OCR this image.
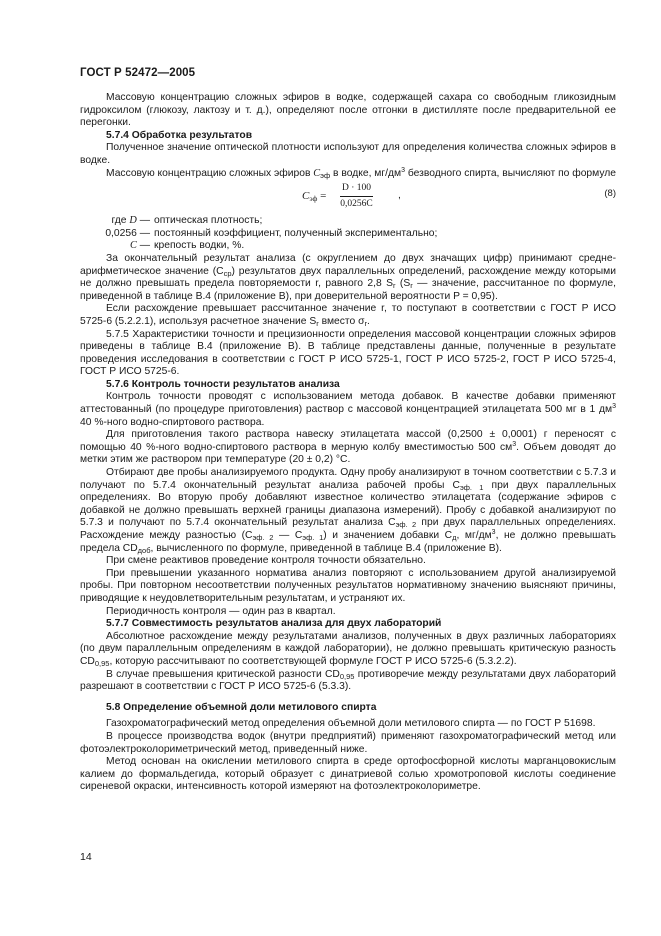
ГОСТ Р 52472—2005

Массовую концентрацию сложных эфиров в водке, содержащей сахара со свободным гликозидным гидроксилом (глюкозу, лактозу и т. д.), определяют после отгонки в дистилляте после предварительной ее перегонки.

5.7.4 Обработка результатов

Полученное значение оптической плотности используют для определения количества сложных эфиров в водке.

Массовую концентрацию сложных эфиров $C_{эф}$ в водке, $мг/дм^3$ безводного спирта, вычисляют по формуле

$C_{эф} = \frac{D \cdot 100}{0,0256C}$ ,	(8)
где D — оптическая плотность;
0,0256 — постоянный коэффициент, полученный экспериментально;
C — крепость водки, %.

За окончательный результат анализа (с округлением до двух значащих цифр) принимают среднеарифметическое значение $(C_{ср})$ результатов двух параллельных определений, расхождение между которыми не должно превышать предела повторяемости r, равного 2,8 $S_r$ ($S_r$ — значение, рассчитанное по формуле, приведенной в таблице В.4 (приложение В), при доверительной вероятности P = 0,95).

Если расхождение превышает рассчитанное значение r, то поступают в соответствии с ГОСТ Р ИСО 5725-6 (5.2.2.1), используя расчетное значение $S_r$ вместо $\sigma_r$.

5.7.5 Характеристики точности и прецизионности определения массовой концентрации сложных эфиров приведены в таблице В.4 (приложение В). В таблице представлены данные, полученные в результате проведения исследования в соответствии с ГОСТ Р ИСО 5725-1, ГОСТ Р ИСО 5725-2, ГОСТ Р ИСО 5725-4, ГОСТ Р ИСО 5725-6.

5.7.6 Контроль точности результатов анализа

Контроль точности проводят с использованием метода добавок. В качестве добавки применяют аттестованный (по процедуре приготовления) раствор с массовой концентрацией этилацетата 500 мг в 1 $дм^3$ 40 %-ного водно-спиртового раствора.

Для приготовления такого раствора навеску этилацетата массой (0,2500 ± 0,0001) г переносят с помощью 40 %-ного водно-спиртового раствора в мерную колбу вместимостью 500 $см^3$. Объем доводят до метки этим же раствором при температуре (20 ± 0,2) °С.

Отбирают две пробы анализируемого продукта. Одну пробу анализируют в точном соответствии с 5.7.3 и получают по 5.7.4 окончательный результат анализа рабочей пробы $C_{эф. 1}$ при двух параллельных определениях. Во вторую пробу добавляют известное количество этилацетата (содержание эфиров с добавкой не должно превышать верхней границы диапазона измерений). Пробу с добавкой анализируют по 5.7.3 и получают по 5.7.4 окончательный результат анализа $C_{эф. 2}$ при двух параллельных определениях. Расхождение между разностью ($C_{эф. 2}$ — $C_{эф. 1}$) и значением добавки $C_д$, $мг/дм^3$, не должно превышать предела $CD_{доб}$, вычисленного по формуле, приведенной в таблице В.4 (приложение В).

При смене реактивов проведение контроля точности обязательно.

При превышении указанного норматива анализ повторяют с использованием другой анализируемой пробы. При повторном несоответствии полученных результатов нормативному значению выясняют причины, приводящие к неудовлетворительным результатам, и устраняют их.

Периодичность контроля — один раз в квартал.

5.7.7 Совместимость результатов анализа для двух лабораторий

Абсолютное расхождение между результатами анализов, полученных в двух различных лабораториях (по двум параллельным определениям в каждой лаборатории), не должно превышать критическую разность $CD_{0,95}$, которую рассчитывают по соответствующей формуле ГОСТ Р ИСО 5725-6 (5.3.2.2).

В случае превышения критической разности $CD_{0,95}$ противоречие между результатами двух лабораторий разрешают в соответствии с ГОСТ Р ИСО 5725-6 (5.3.3).

5.8 Определение объемной доли метилового спирта

Газохроматографический метод определения объемной доли метилового спирта — по ГОСТ Р 51698.

В процессе производства водок (внутри предприятий) применяют газохроматографический метод или фотоэлектроколориметрический метод, приведенный ниже.

Метод основан на окислении метилового спирта в среде ортофосфорной кислоты марганцовокислым калием до формальдегида, который образует с динатриевой солью хромотроповой кислоты соединение сиреневой окраски, интенсивность которой измеряют на фотоэлектроколориметре.

14
